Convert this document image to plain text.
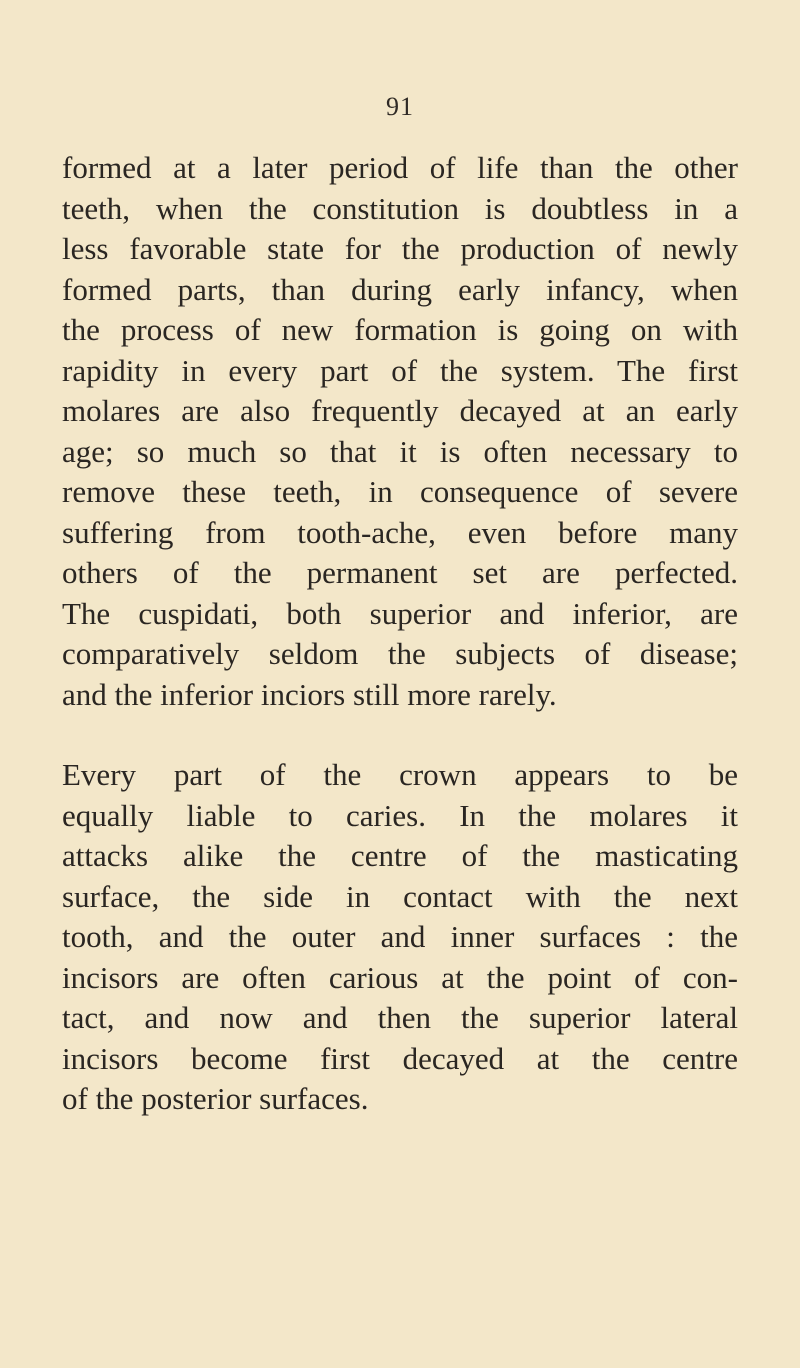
91
formed at a later period of life than the other
teeth, when the constitution is doubtless in a
less favorable state for the production of newly
formed parts, than during early infancy, when
the process of new formation is going on with
rapidity in every part of the system. The first
molares are also frequently decayed at an early
age; so much so that it is often necessary to
remove these teeth, in consequence of severe
suffering from tooth-ache, even before many
others of the permanent set are perfected.
The cuspidati, both superior and inferior, are
comparatively seldom the subjects of disease;
and the inferior inciors still more rarely.
Every part of the crown appears to be
equally liable to caries. In the molares it
attacks alike the centre of the masticating
surface, the side in contact with the next
tooth, and the outer and inner surfaces : the
incisors are often carious at the point of con-
tact, and now and then the superior lateral
incisors become first decayed at the centre
of the posterior surfaces.
